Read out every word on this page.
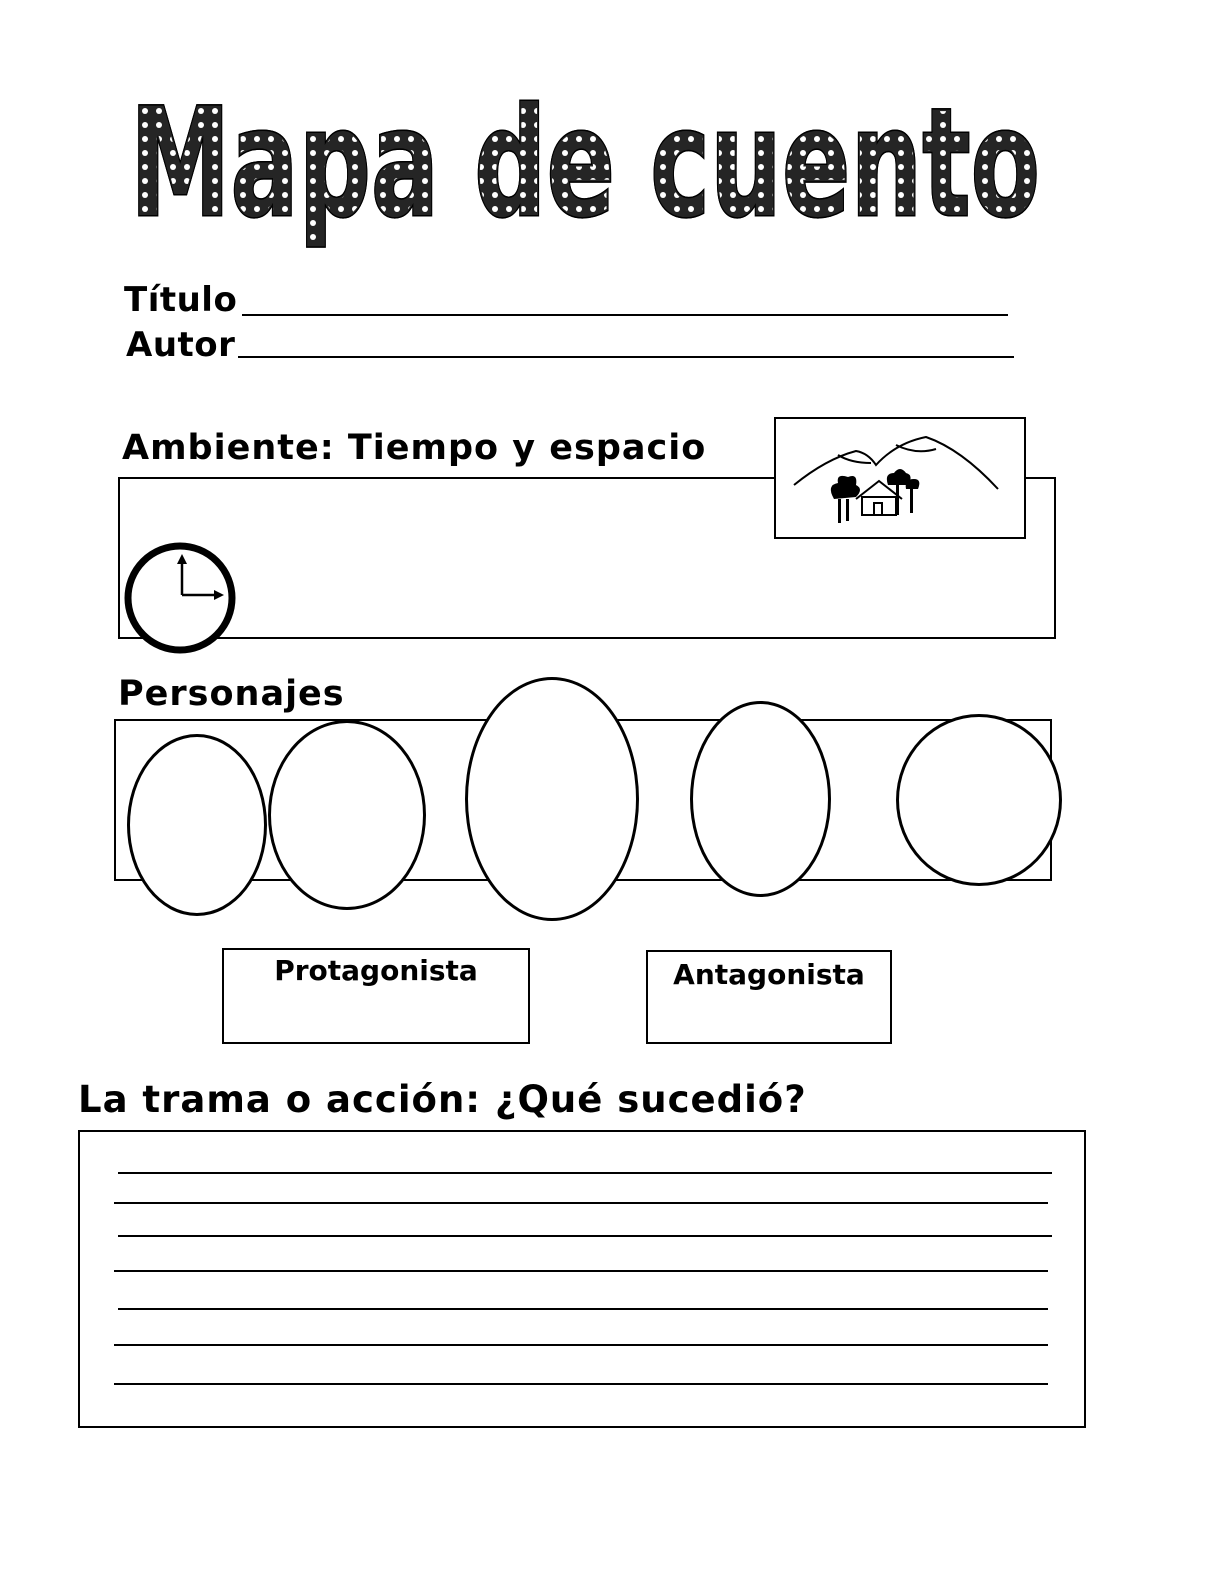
Mapa de cuento
Mapa de cuento
Título
Autor
Ambiente: Tiempo y espacio
Personajes
Protagonista	Antagonista
La trama o acción: ¿Qué sucedió?
